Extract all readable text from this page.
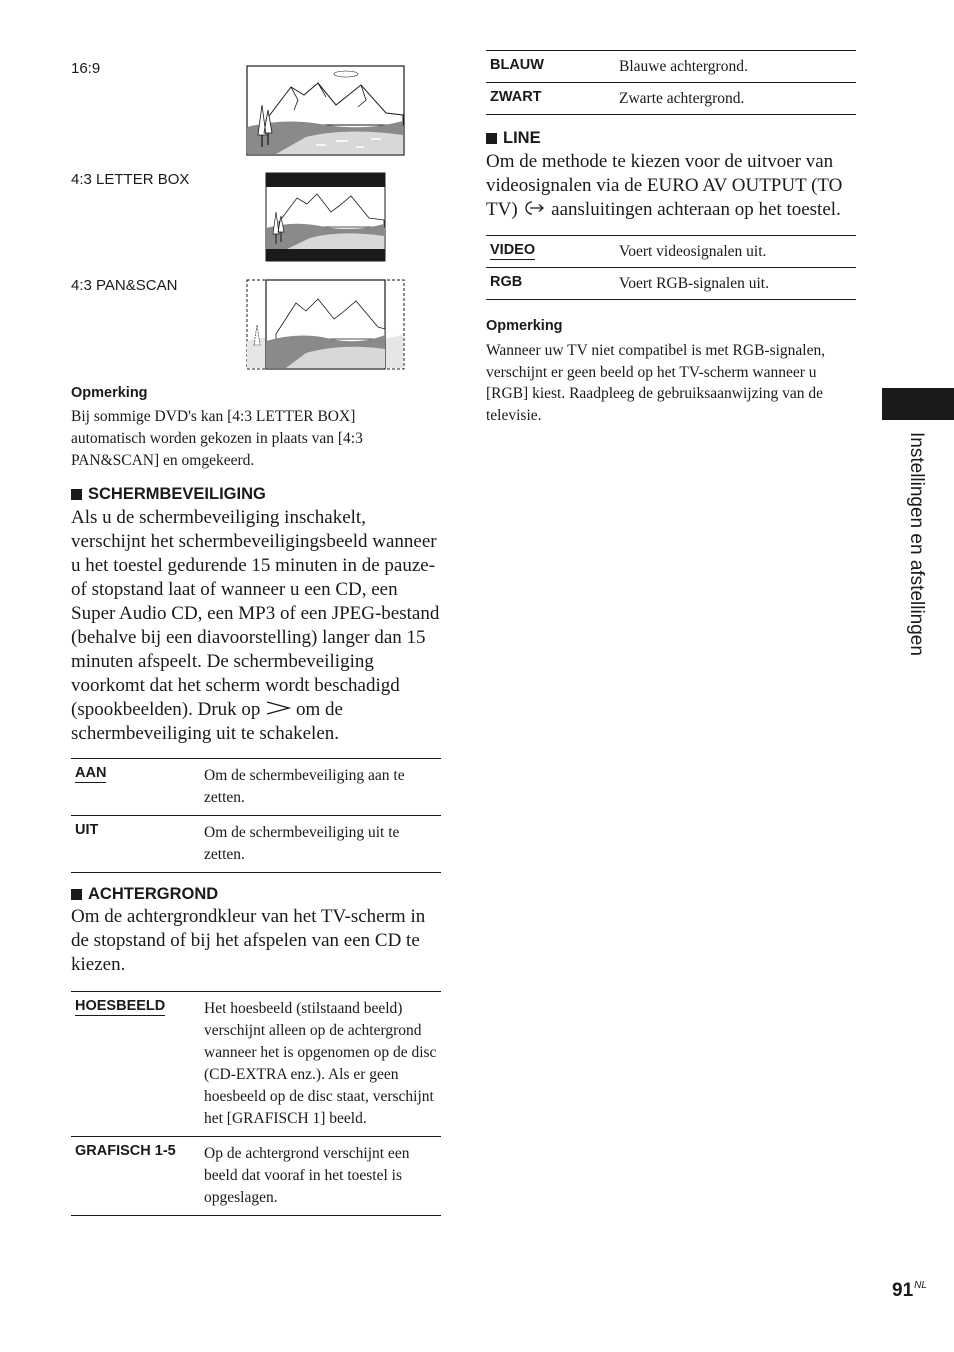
16:9
4:3 LETTER BOX
4:3 PAN&SCAN
Opmerking
Bij sommige DVD's kan [4:3 LETTER BOX] automatisch worden gekozen in plaats van [4:3 PAN&SCAN] en omgekeerd.
SCHERMBEVEILIGING
Als u de schermbeveiliging inschakelt, verschijnt het schermbeveiligingsbeeld wanneer u het toestel gedurende 15 minuten in de pauze- of stopstand laat of wanneer u een CD, een Super Audio CD, een MP3 of een JPEG-bestand (behalve bij een diavoorstelling) langer dan 15 minuten afspeelt. De schermbeveiliging voorkomt dat het scherm wordt beschadigd (spookbeelden). Druk op om de schermbeveiliging uit te schakelen.
AAN	Om de schermbeveiliging aan te zetten.
UIT	Om de schermbeveiliging uit te zetten.
ACHTERGROND
Om de achtergrondkleur van het TV-scherm in de stopstand of bij het afspelen van een CD te kiezen.
HOESBEELD	Het hoesbeeld (stilstaand beeld) verschijnt alleen op de achtergrond wanneer het is opgenomen op de disc (CD-EXTRA enz.). Als er geen hoesbeeld op de disc staat, verschijnt het [GRAFISCH 1] beeld.
GRAFISCH 1-5	Op de achtergrond verschijnt een beeld dat vooraf in het toestel is opgeslagen.
BLAUW	Blauwe achtergrond.
ZWART	Zwarte achtergrond.
LINE
Om de methode te kiezen voor de uitvoer van videosignalen via de EURO AV OUTPUT (TO TV) aansluitingen achteraan op het toestel.
VIDEO	Voert videosignalen uit.
RGB	Voert RGB-signalen uit.
Opmerking
Wanneer uw TV niet compatibel is met RGB-signalen, verschijnt er geen beeld op het TV-scherm wanneer u [RGB] kiest. Raadpleeg de gebruiksaanwijzing van de televisie.
Instellingen en afstellingen
$91^{NL}$
